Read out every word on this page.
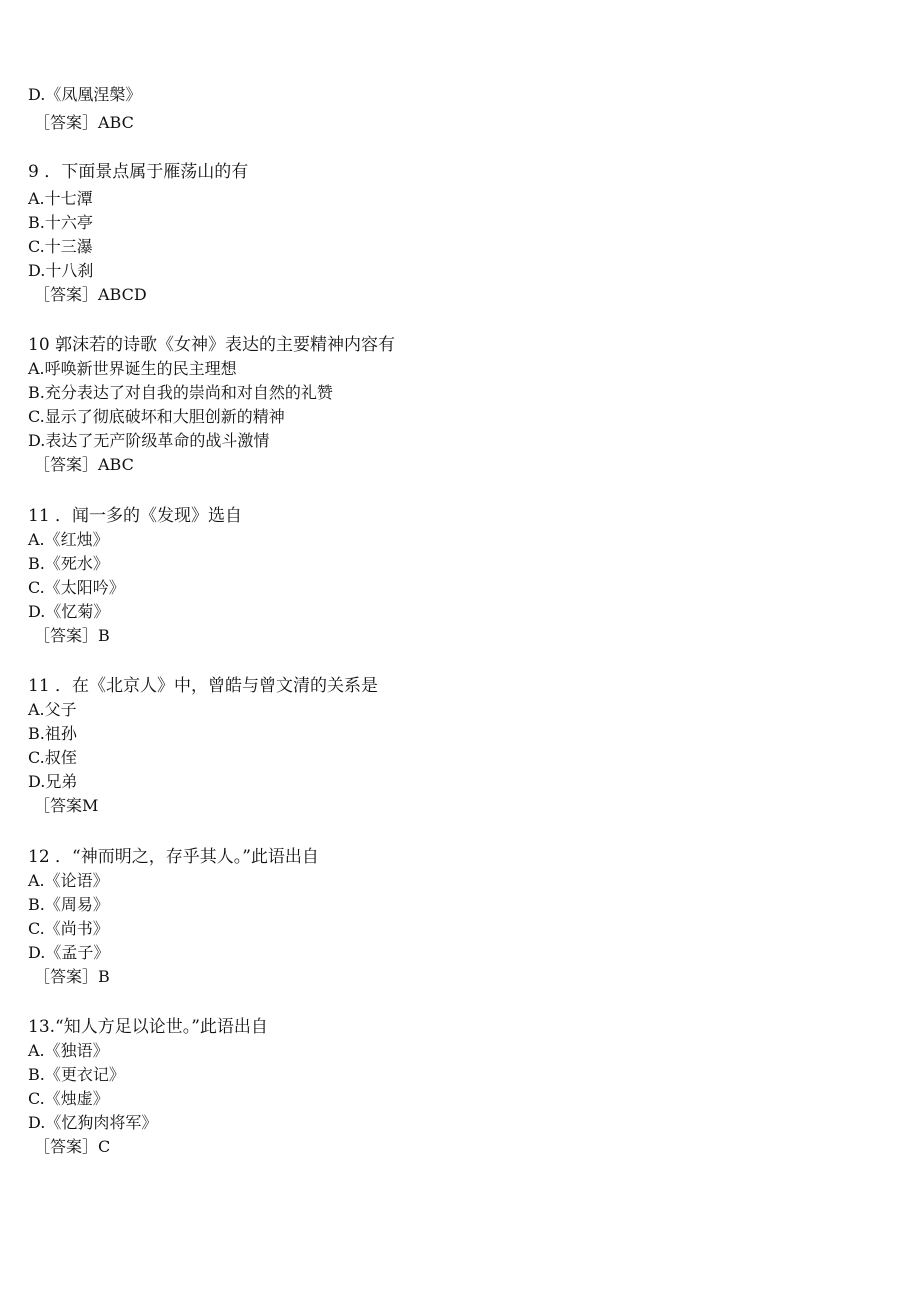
D.《凤凰涅槃》
［答案］ABC
9 ．下面景点属于雁荡山的有
A.十七潭
B.十六亭
C.十三瀑
D.十八刹
［答案］ABCD
10 郭沫若的诗歌《女神》表达的主要精神内容有
A.呼唤新世界诞生的民主理想
B.充分表达了对自我的崇尚和对自然的礼赞
C.显示了彻底破坏和大胆创新的精神
D.表达了无产阶级革命的战斗激情
［答案］ABC
11 ．闻一多的《发现》选自
A.《红烛》
B.《死水》
C.《太阳吟》
D.《忆菊》
［答案］B
11 ．在《北京人》中，曾皓与曾文清的关系是
A.父子
B.祖孙
C.叔侄
D.兄弟
［答案M
12 ．“神而明之，存乎其人。”此语出自
A.《论语》
B.《周易》
C.《尚书》
D.《孟子》
［答案］B
13.“知人方足以论世。”此语出自
A.《独语》
B.《更衣记》
C.《烛虚》
D.《忆狗肉将军》
［答案］C
